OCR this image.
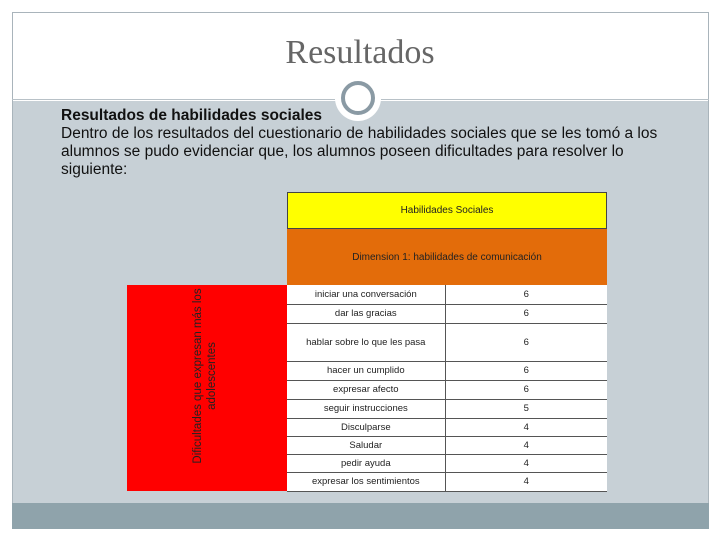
Resultados
Resultados de habilidades sociales
Dentro de los resultados del cuestionario de habilidades sociales que se les tomó a los alumnos se pudo evidenciar que, los alumnos poseen dificultades para resolver lo siguiente:
Habilidades Sociales
Dimension 1: habilidades de comunicación
Dificultades que expresan más los adolescentes
iniciar una conversación	6
dar las gracias	6
hablar sobre lo que les pasa	6
hacer un cumplido	6
expresar afecto	6
seguir instrucciones	5
Disculparse	4
Saludar	4
pedir ayuda	4
expresar los sentimientos	4
